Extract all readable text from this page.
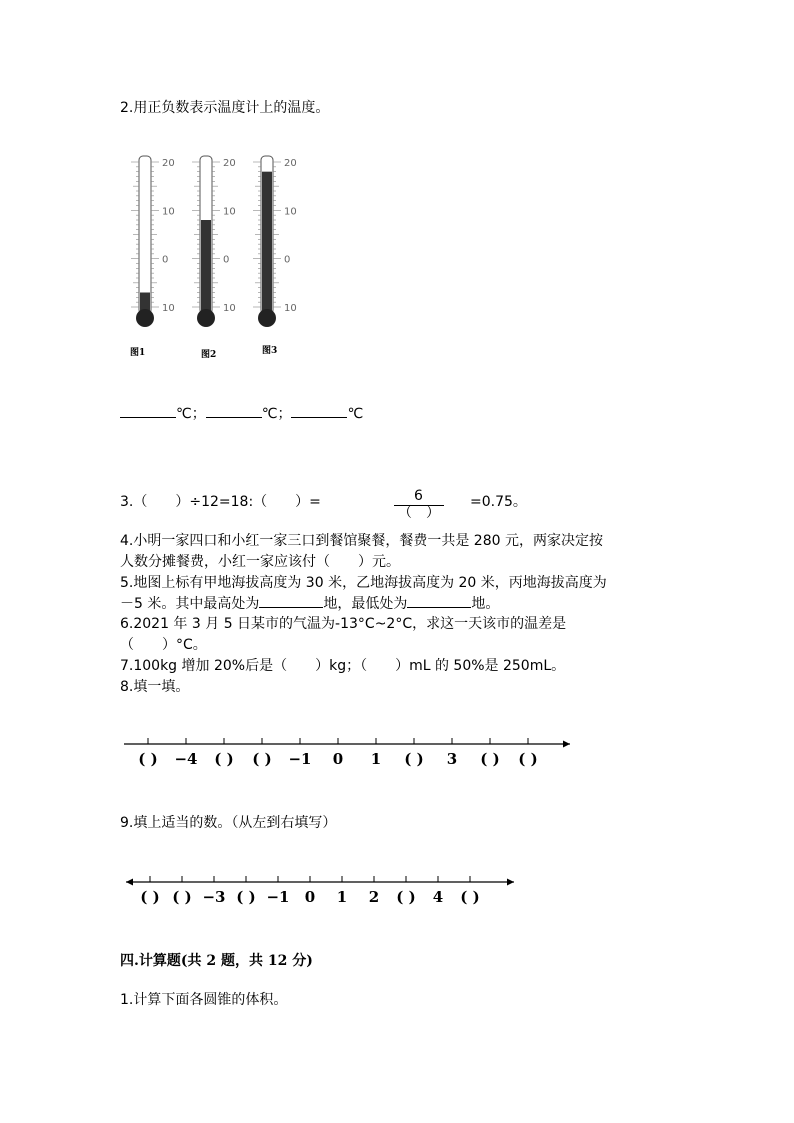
2.用正负数表示温度计上的温度。
20
10
0
10
20
10
0
10
20
10
0
10
图1	图2	图3
℃；	℃；	℃
3.（　　）÷12=18:（　　）=	6
（　）
=0.75。
4.小明一家四口和小红一家三口到餐馆聚餐，餐费一共是 280 元，两家决定按
人数分摊餐费，小红一家应该付（　　）元。
5.地图上标有甲地海拔高度为 30 米，乙地海拔高度为 20 米，丙地海拔高度为
－5 米。其中最高处为	地，最低处为	地。
6.2021 年 3 月 5 日某市的气温为-13°C~2°C，求这一天该市的温差是
（　　）°C。
7.100kg 增加 20%后是（　　）kg；（　　）mL 的 50%是 250mL。
8.填一填。
( ) −4 ( ) ( ) −1 0 1 ( ) 3 ( ) ( )
9.填上适当的数。（从左到右填写）
( ) ( ) −3 ( ) −1 0 1 2 ( ) 4 ( )
四.计算题(共 2 题，共 12 分)
1.计算下面各圆锥的体积。
